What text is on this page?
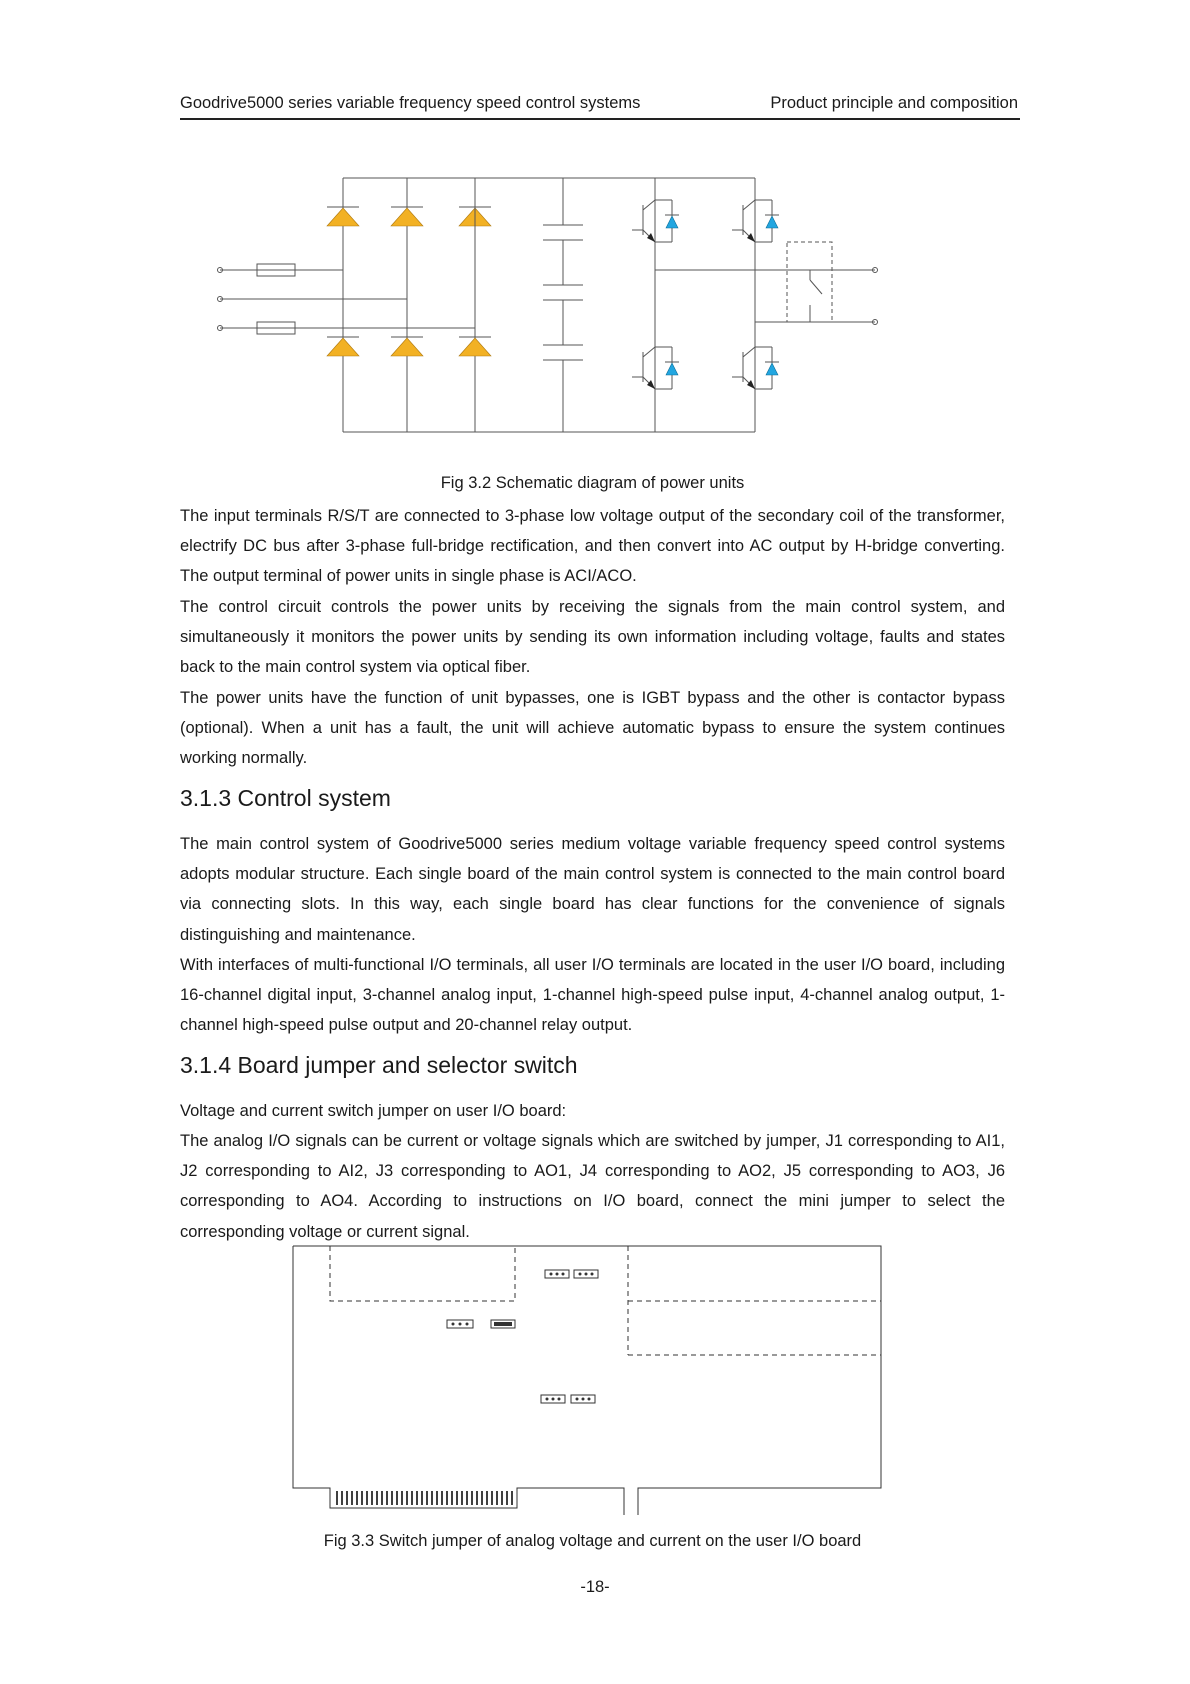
Goodrive5000 series variable frequency speed control systems	Product principle and composition
Fig 3.2 Schematic diagram of power units

The input terminals R/S/T are connected to 3-phase low voltage output of the secondary coil of the transformer, electrify DC bus after 3-phase full-bridge rectification, and then convert into AC output by H-bridge converting. The output terminal of power units in single phase is ACI/ACO.

The control circuit controls the power units by receiving the signals from the main control system, and simultaneously it monitors the power units by sending its own information including voltage, faults and states back to the main control system via optical fiber.

The power units have the function of unit bypasses, one is IGBT bypass and the other is contactor bypass (optional). When a unit has a fault, the unit will achieve automatic bypass to ensure the system continues working normally.

3.1.3 Control system

The main control system of Goodrive5000 series medium voltage variable frequency speed control systems adopts modular structure. Each single board of the main control system is connected to the main control board via connecting slots. In this way, each single board has clear functions for the convenience of signals distinguishing and maintenance.

With interfaces of multi-functional I/O terminals, all user I/O terminals are located in the user I/O board, including 16-channel digital input, 3-channel analog input, 1-channel high-speed pulse input, 4-channel analog output, 1-channel high-speed pulse output and 20-channel relay output.

3.1.4 Board jumper and selector switch

Voltage and current switch jumper on user I/O board:

The analog I/O signals can be current or voltage signals which are switched by jumper, J1 corresponding to AI1, J2 corresponding to AI2, J3 corresponding to AO1, J4 corresponding to AO2, J5 corresponding to AO3, J6 corresponding to AO4. According to instructions on I/O board, connect the mini jumper to select the corresponding voltage or current signal.

Fig 3.3 Switch jumper of analog voltage and current on the user I/O board
-18-
